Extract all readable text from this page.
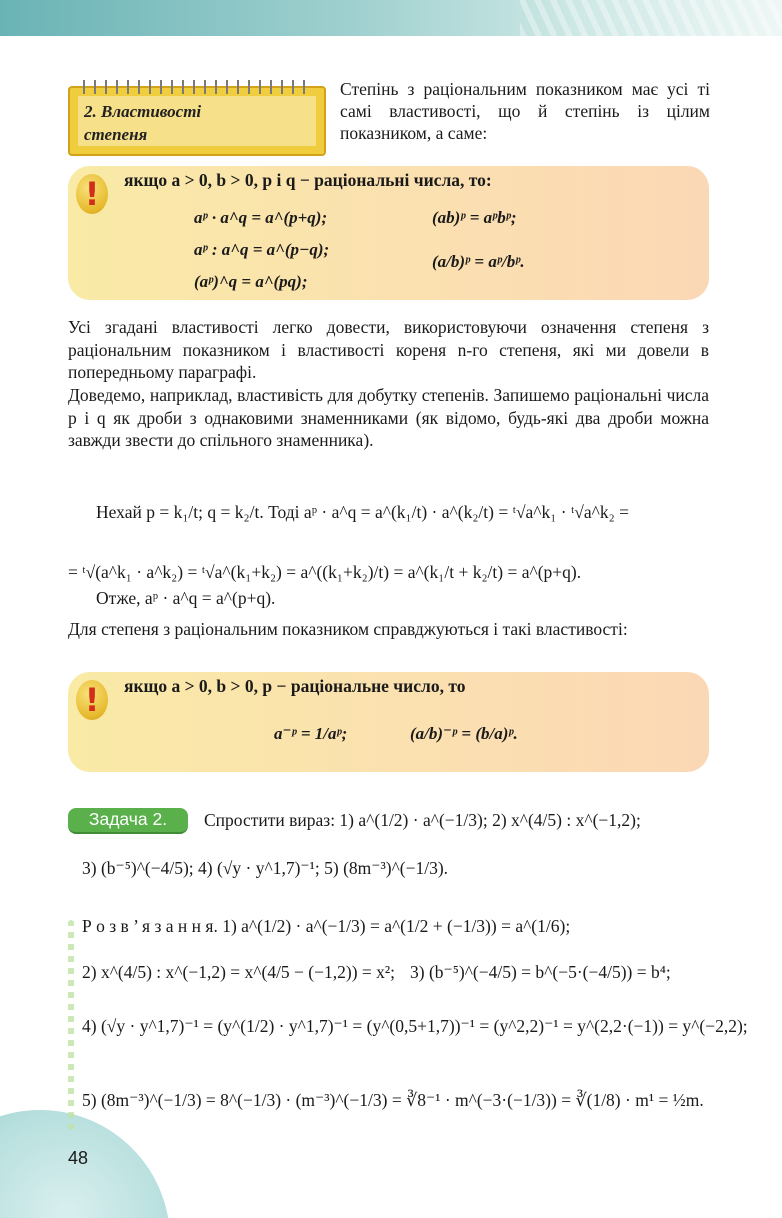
2. Властивості
степеня
Степінь з раціональним показником має усі ті самі властивості, що й степінь із цілим показником, а саме:
!	якщо a > 0, b > 0, p і q − раціональні числа, то:
aᵖ · a^q = a^(p+q);
aᵖ : a^q = a^(p−q);
(aᵖ)^q = a^(pq);
(ab)ᵖ = aᵖbᵖ;
(a/b)ᵖ = aᵖ/bᵖ.
Усі згадані властивості легко довести, використовуючи означення степеня з раціональним показником і властивості кореня n-го степеня, які ми довели в попередньому параграфі.
Доведемо, наприклад, властивість для добутку степенів. Запишемо раціональні числа p і q як дроби з однаковими знаменниками (як відомо, будь-які два дроби можна завжди звести до спільного знаменника).
Нехай p = k₁/t; q = k₂/t. Тоді aᵖ · a^q = a^(k₁/t) · a^(k₂/t) = ᵗ√a^k₁ · ᵗ√a^k₂ =
= ᵗ√(a^k₁ · a^k₂) = ᵗ√a^(k₁+k₂) = a^((k₁+k₂)/t) = a^(k₁/t + k₂/t) = a^(p+q).
Отже, aᵖ · a^q = a^(p+q).
Для степеня з раціональним показником справджуються і такі властивості:
!	якщо a > 0, b > 0, p − раціональне число, то
a⁻ᵖ = 1/aᵖ;	(a/b)⁻ᵖ = (b/a)ᵖ.
Задача 2.	Спростити вираз: 1) a^(1/2) · a^(−1/3); 2) x^(4/5) : x^(−1,2);
3) (b⁻⁵)^(−4/5); 4) (√y · y^1,7)⁻¹; 5) (8m⁻³)^(−1/3).
Р о з в ’ я з а н н я. 1) a^(1/2) · a^(−1/3) = a^(1/2 + (−1/3)) = a^(1/6);
2) x^(4/5) : x^(−1,2) = x^(4/5 − (−1,2)) = x²; 3) (b⁻⁵)^(−4/5) = b^(−5·(−4/5)) = b⁴;
4) (√y · y^1,7)⁻¹ = (y^(1/2) · y^1,7)⁻¹ = (y^(0,5+1,7))⁻¹ = (y^2,2)⁻¹ = y^(2,2·(−1)) = y^(−2,2);
5) (8m⁻³)^(−1/3) = 8^(−1/3) · (m⁻³)^(−1/3) = ∛8⁻¹ · m^(−3·(−1/3)) = ∛(1/8) · m¹ = ½m.
48
